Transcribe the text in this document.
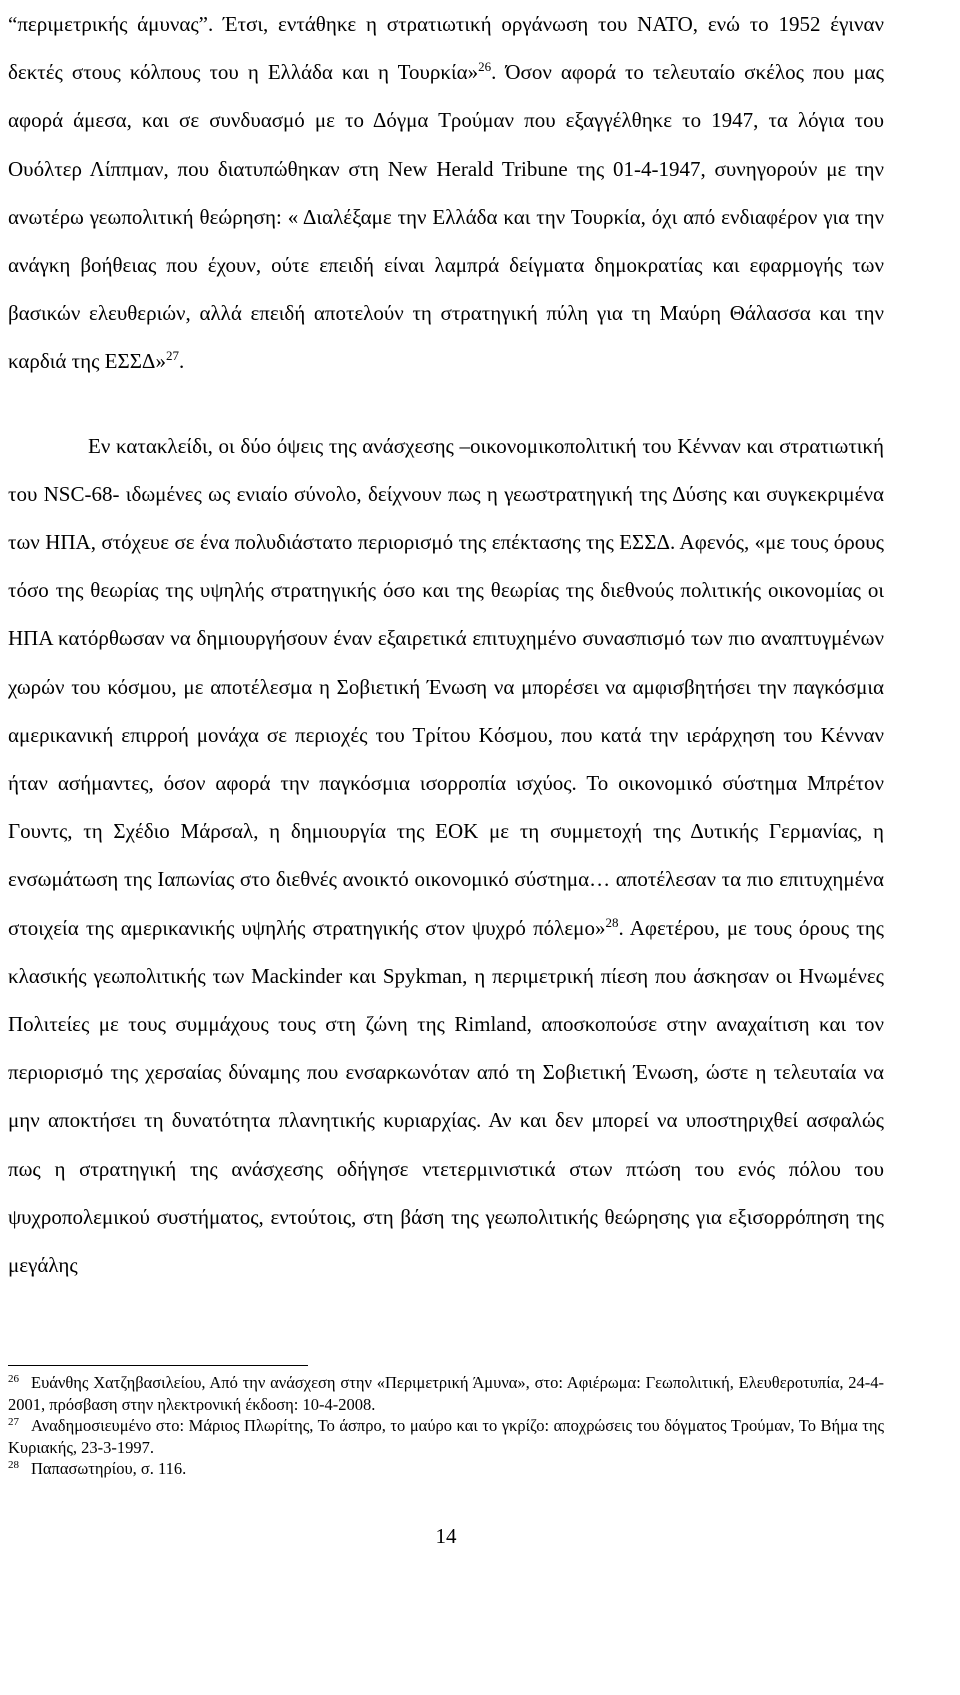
“περιμετρικής άμυνας”. Έτσι, εντάθηκε η στρατιωτική οργάνωση του ΝΑΤΟ, ενώ το 1952 έγιναν δεκτές στους κόλπους του η Ελλάδα και η Τουρκία»$^{26}$. Όσον αφορά το τελευταίο σκέλος που μας αφορά άμεσα, και σε συνδυασμό με το Δόγμα Τρούμαν που εξαγγέλθηκε το 1947, τα λόγια του Ουόλτερ Λίππμαν, που διατυπώθηκαν στη New Herald Tribune της 01-4-1947, συνηγορούν με την ανωτέρω γεωπολιτική θεώρηση: « Διαλέξαμε την Ελλάδα και την Τουρκία, όχι από ενδιαφέρον για την ανάγκη βοήθειας που έχουν, ούτε επειδή είναι λαμπρά δείγματα δημοκρατίας και εφαρμογής των βασικών ελευθεριών, αλλά επειδή αποτελούν τη στρατηγική πύλη για τη Μαύρη Θάλασσα και την καρδιά της ΕΣΣΔ»$^{27}$.

Εν κατακλείδι, οι δύο όψεις της ανάσχεσης –οικονομικοπολιτική του Κένναν και στρατιωτική του NSC-68- ιδωμένες ως ενιαίο σύνολο, δείχνουν πως η γεωστρατηγική της Δύσης και συγκεκριμένα των ΗΠΑ, στόχευε σε ένα πολυδιάστατο περιορισμό της επέκτασης της ΕΣΣΔ. Αφενός, «με τους όρους τόσο της θεωρίας της υψηλής στρατηγικής όσο και της θεωρίας της διεθνούς πολιτικής οικονομίας οι ΗΠΑ κατόρθωσαν να δημιουργήσουν έναν εξαιρετικά επιτυχημένο συνασπισμό των πιο αναπτυγμένων χωρών του κόσμου, με αποτέλεσμα η Σοβιετική Ένωση να μπορέσει να αμφισβητήσει την παγκόσμια αμερικανική επιρροή μονάχα σε περιοχές του Τρίτου Κόσμου, που κατά την ιεράρχηση του Κένναν ήταν ασήμαντες, όσον αφορά την παγκόσμια ισορροπία ισχύος. Το οικονομικό σύστημα Μπρέτον Γουντς, τη Σχέδιο Μάρσαλ, η δημιουργία της ΕΟΚ με τη συμμετοχή της Δυτικής Γερμανίας, η ενσωμάτωση της Ιαπωνίας στο διεθνές ανοικτό οικονομικό σύστημα… αποτέλεσαν τα πιο επιτυχημένα στοιχεία της αμερικανικής υψηλής στρατηγικής στον ψυχρό πόλεμο»$^{28}$. Αφετέρου, με τους όρους της κλασικής γεωπολιτικής των Mackinder και Spykman, η περιμετρική πίεση που άσκησαν οι Ηνωμένες Πολιτείες με τους συμμάχους τους στη ζώνη της Rimland, αποσκοπούσε στην αναχαίτιση και τον περιορισμό της χερσαίας δύναμης που ενσαρκωνόταν από τη Σοβιετική Ένωση, ώστε η τελευταία να μην αποκτήσει τη δυνατότητα πλανητικής κυριαρχίας. Αν και δεν μπορεί να υποστηριχθεί ασφαλώς πως η στρατηγική της ανάσχεσης οδήγησε ντετερμινιστικά στων πτώση του ενός πόλου του ψυχροπολεμικού συστήματος, εντούτοις, στη βάση της γεωπολιτικής θεώρησης για εξισορρόπηση της μεγάλης

$^{26}$ Ευάνθης Χατζηβασιλείου, Από την ανάσχεση στην «Περιμετρική Άμυνα», στο: Αφιέρωμα: Γεωπολιτική, Ελευθεροτυπία, 24-4-2001, πρόσβαση στην ηλεκτρονική έκδοση: 10-4-2008.

$^{27}$ Αναδημοσιευμένο στο: Μάριος Πλωρίτης, Το άσπρο, το μαύρο και το γκρίζο: αποχρώσεις του δόγματος Τρούμαν, Το Βήμα της Κυριακής, 23-3-1997.

$^{28}$ Παπασωτηρίου, σ. 116.

14
